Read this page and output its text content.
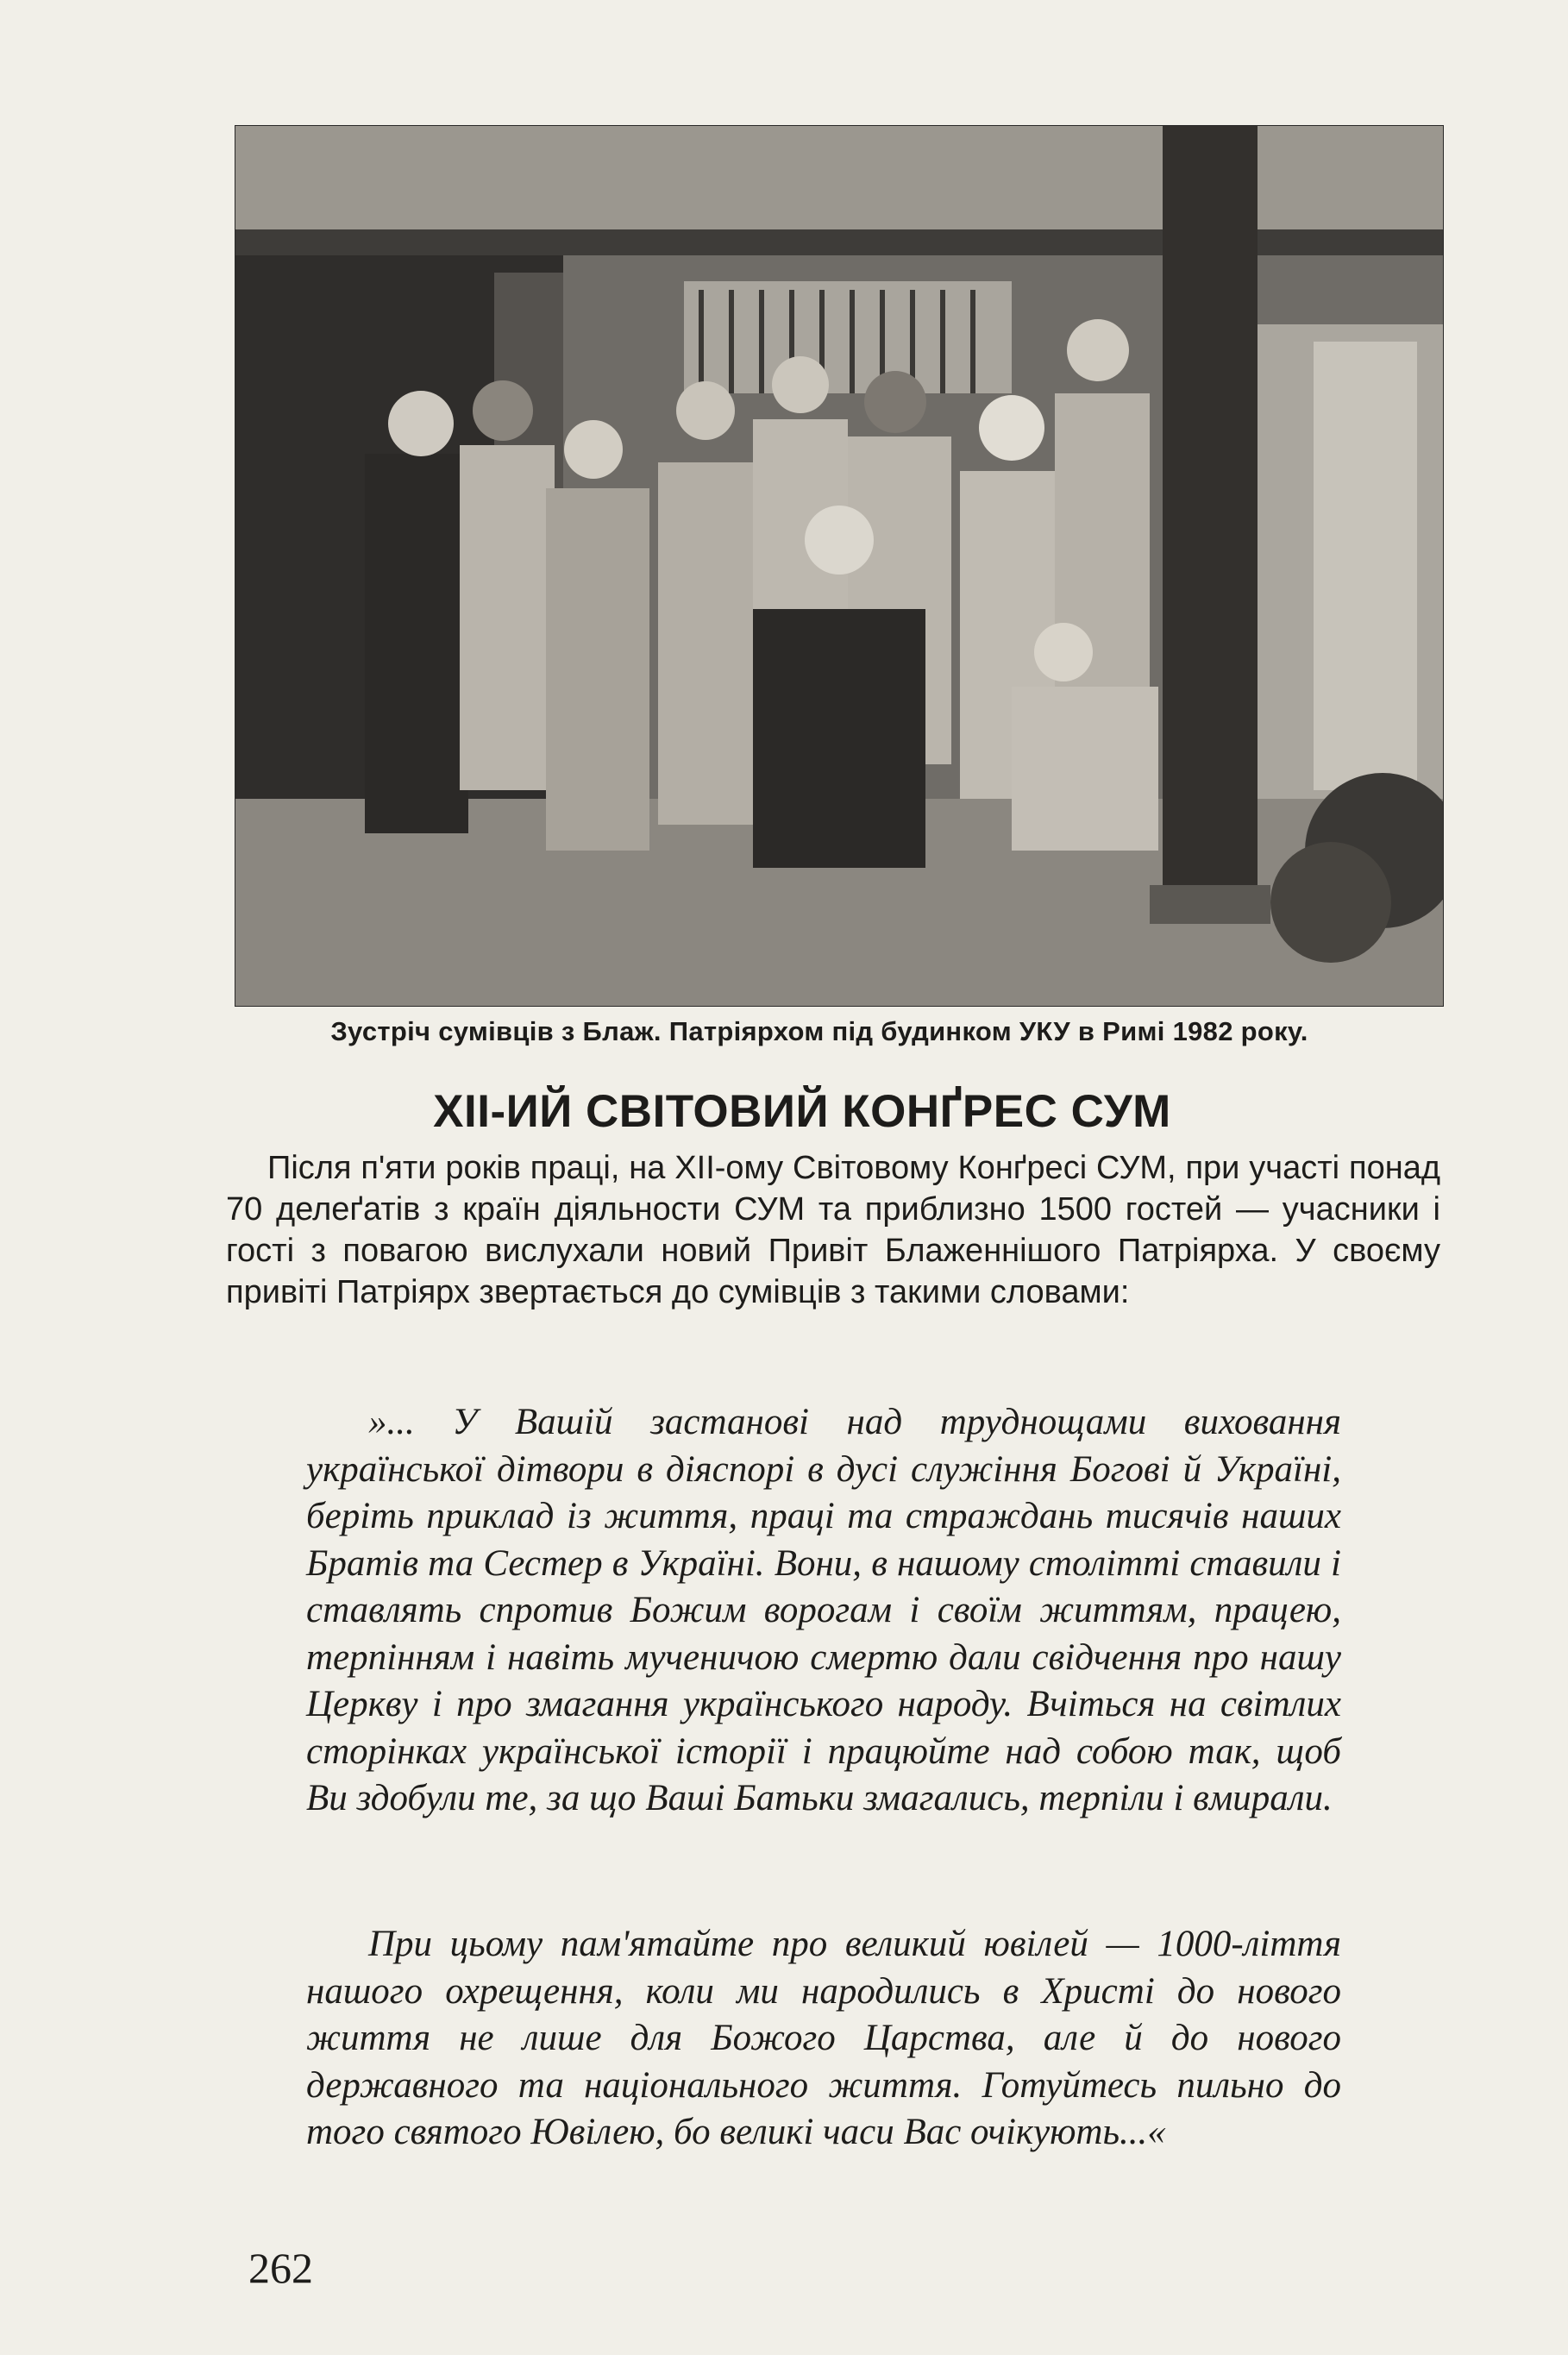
Зустріч сумівців з Блаж. Патріярхом під будинком УКУ в Римі 1982 року.
XII-ИЙ СВІТОВИЙ КОНҐРЕС СУМ

Після п'яти років праці, на XII-ому Світовому Конґресі СУМ, при участі понад 70 делеґатів з країн діяльности СУМ та приблизно 1500 гостей — учасники і гості з повагою вислухали новий Привіт Блаженнішого Патріярха. У своєму привіті Патріярх звертається до сумівців з такими словами:

»... У Вашій застанові над труднощами виховання української дітвори в діяспорі в дусі служіння Богові й Україні, беріть приклад із життя, праці та страждань тисячів наших Братів та Сестер в Україні. Вони, в нашому столітті ставили і ставлять спротив Божим ворогам і своїм життям, працею, терпінням і навіть мученичою смертю дали свідчення про нашу Церкву і про змагання українського народу. Вчіться на світлих сторінках української історії і працюйте над собою так, щоб Ви здобули те, за що Ваші Батьки змагались, терпіли і вмирали.

При цьому пам'ятайте про великий ювілей — 1000-ліття нашого охрещення, коли ми народились в Христі до нового життя не лише для Божого Царства, але й до нового державного та національного життя. Готуйтесь пильно до того святого Ювілею, бо великі часи Вас очікують...«

262
